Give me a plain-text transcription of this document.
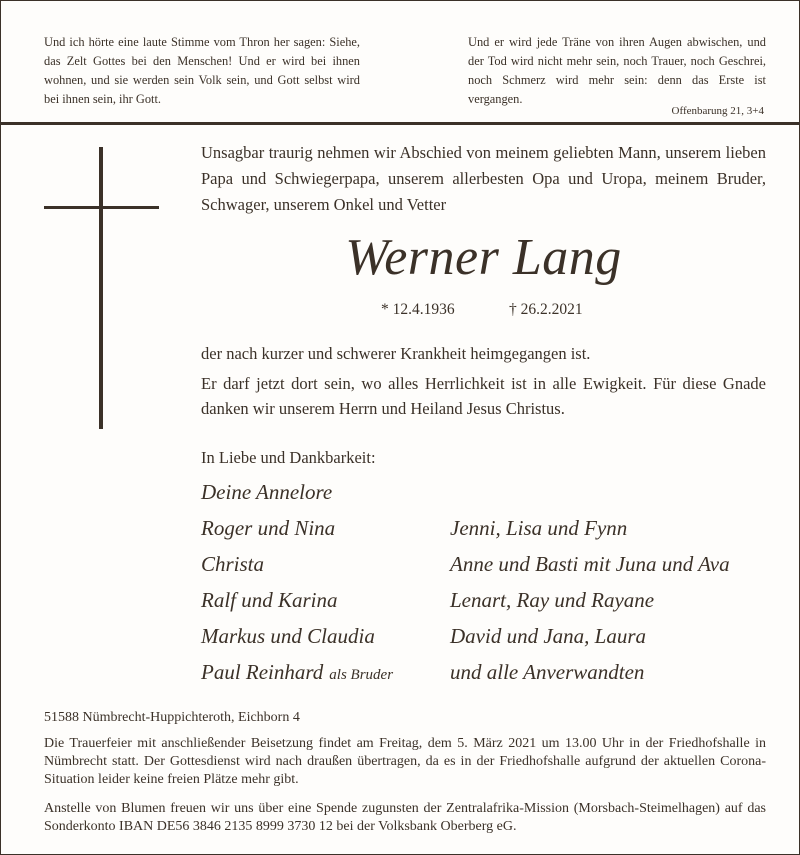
Und ich hörte eine laute Stimme vom Thron her sagen: Siehe, das Zelt Gottes bei den Menschen! Und er wird bei ihnen wohnen, und sie werden sein Volk sein, und Gott selbst wird bei ihnen sein, ihr Gott.
Und er wird jede Träne von ihren Augen abwischen, und der Tod wird nicht mehr sein, noch Trauer, noch Geschrei, noch Schmerz wird mehr sein: denn das Erste ist vergangen.
Offenbarung 21, 3+4
Unsagbar traurig nehmen wir Abschied von meinem geliebten Mann, unserem lieben Papa und Schwiegerpapa, unserem allerbesten Opa und Uropa, meinem Bruder, Schwager, unserem Onkel und Vetter
Werner Lang
* 12.4.1936	† 26.2.2021
der nach kurzer und schwerer Krankheit heimgegangen ist.
Er darf jetzt dort sein, wo alles Herrlichkeit ist in alle Ewigkeit. Für diese Gnade danken wir unserem Herrn und Heiland Jesus Christus.
In Liebe und Dankbarkeit:
Deine Annelore
Roger und Nina
Christa
Ralf und Karina
Markus und Claudia
Paul Reinhard als Bruder
Jenni, Lisa und Fynn
Anne und Basti mit Juna und Ava
Lenart, Ray und Rayane
David und Jana, Laura
und alle Anverwandten
51588 Nümbrecht-Huppichteroth, Eichborn 4
Die Trauerfeier mit anschließender Beisetzung findet am Freitag, dem 5. März 2021 um 13.00 Uhr in der Friedhofshalle in Nümbrecht statt. Der Gottesdienst wird nach draußen übertragen, da es in der Friedhofshalle aufgrund der aktuellen Corona-Situation leider keine freien Plätze mehr gibt.
Anstelle von Blumen freuen wir uns über eine Spende zugunsten der Zentralafrika-Mission (Morsbach-Steimelhagen) auf das Sonderkonto IBAN DE56 3846 2135 8999 3730 12 bei der Volksbank Oberberg eG.
